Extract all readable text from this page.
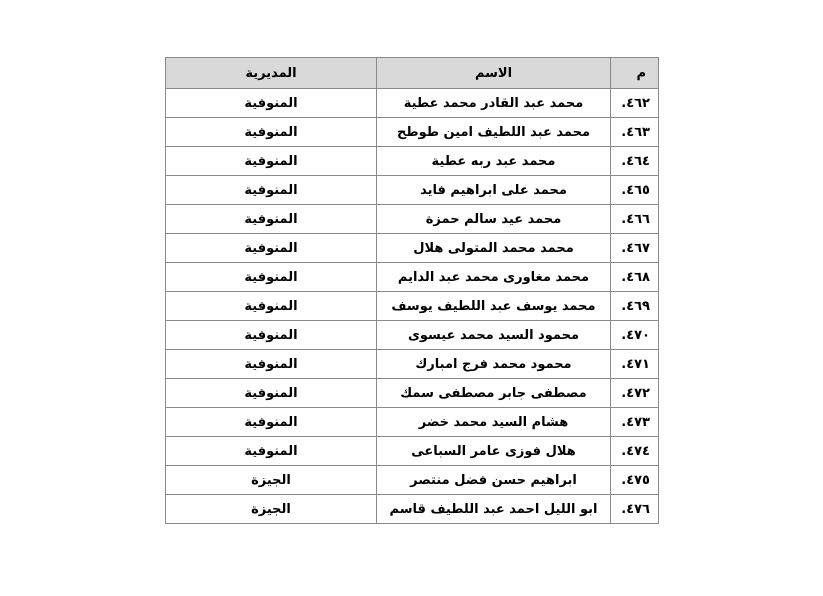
م	الاسم	المديرية
٤٦٢.	محمد عبد القادر محمد عطية	المنوفية
٤٦٣.	محمد عبد اللطيف امين طوطح	المنوفية
٤٦٤.	محمد عبد ربه عطية	المنوفية
٤٦٥.	محمد على ابراهيم فايد	المنوفية
٤٦٦.	محمد عيد سالم حمزة	المنوفية
٤٦٧.	محمد محمد المتولى هلال	المنوفية
٤٦٨.	محمد مغاورى محمد عبد الدايم	المنوفية
٤٦٩.	محمد يوسف عبد اللطيف يوسف	المنوفية
٤٧٠.	محمود السيد محمد عيسوى	المنوفية
٤٧١.	محمود محمد فرج امبارك	المنوفية
٤٧٢.	مصطفى جابر مصطفى سمك	المنوفية
٤٧٣.	هشام السيد محمد خضر	المنوفية
٤٧٤.	هلال فوزى عامر السباعى	المنوفية
٤٧٥.	ابراهيم حسن فضل منتصر	الجيزة
٤٧٦.	ابو الليل احمد عبد اللطيف قاسم	الجيزة
